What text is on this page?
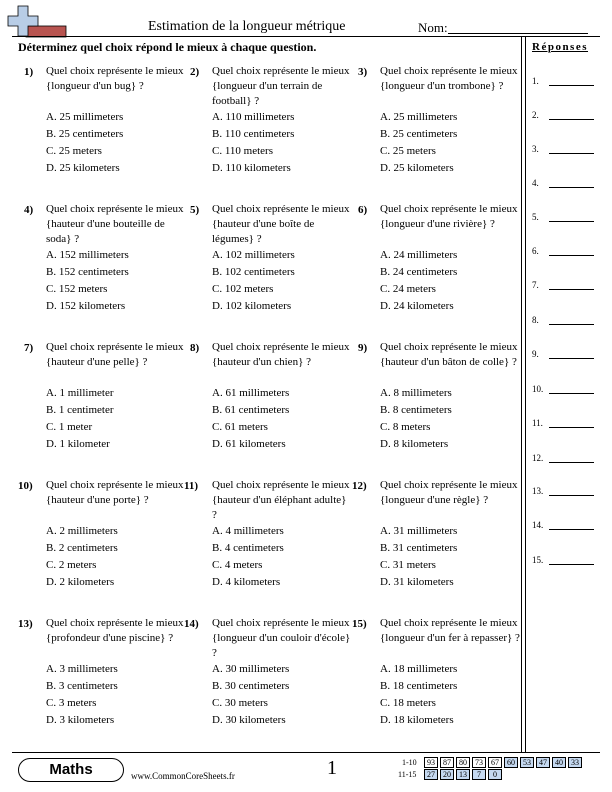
Estimation de la longueur métrique	Nom:
Déterminez quel choix répond le mieux à chaque question.	Réponses
1.
2.
3.
4.
5.
6.
7.
8.
9.
10.
11.
12.
13.
14.
15.
1) Quel choix représente le mieux {longueur d'un bug} ?
A. 25 millimeters
B. 25 centimeters
C. 25 meters
D. 25 kilometers
2) Quel choix représente le mieux {longueur d'un terrain de football} ?
A. 110 millimeters
B. 110 centimeters
C. 110 meters
D. 110 kilometers
3) Quel choix représente le mieux {longueur d'un trombone} ?
A. 25 millimeters
B. 25 centimeters
C. 25 meters
D. 25 kilometers
4) Quel choix représente le mieux {hauteur d'une bouteille de soda} ?
A. 152 millimeters
B. 152 centimeters
C. 152 meters
D. 152 kilometers
5) Quel choix représente le mieux {hauteur d'une boîte de légumes} ?
A. 102 millimeters
B. 102 centimeters
C. 102 meters
D. 102 kilometers
6) Quel choix représente le mieux {longueur d'une rivière} ?
A. 24 millimeters
B. 24 centimeters
C. 24 meters
D. 24 kilometers
7) Quel choix représente le mieux {hauteur d'une pelle} ?
A. 1 millimeter
B. 1 centimeter
C. 1 meter
D. 1 kilometer
8) Quel choix représente le mieux {hauteur d'un chien} ?
A. 61 millimeters
B. 61 centimeters
C. 61 meters
D. 61 kilometers
9) Quel choix représente le mieux {hauteur d'un bâton de colle} ?
A. 8 millimeters
B. 8 centimeters
C. 8 meters
D. 8 kilometers
10) Quel choix représente le mieux {hauteur d'une porte} ?
A. 2 millimeters
B. 2 centimeters
C. 2 meters
D. 2 kilometers
11) Quel choix représente le mieux {hauteur d'un éléphant adulte} ?
A. 4 millimeters
B. 4 centimeters
C. 4 meters
D. 4 kilometers
12) Quel choix représente le mieux {longueur d'une règle} ?
A. 31 millimeters
B. 31 centimeters
C. 31 meters
D. 31 kilometers
13) Quel choix représente le mieux {profondeur d'une piscine} ?
A. 3 millimeters
B. 3 centimeters
C. 3 meters
D. 3 kilometers
14) Quel choix représente le mieux {longueur d'un couloir d'école} ?
A. 30 millimeters
B. 30 centimeters
C. 30 meters
D. 30 kilometers
15) Quel choix représente le mieux {longueur d'un fer à repasser} ?
A. 18 millimeters
B. 18 centimeters
C. 18 meters
D. 18 kilometers
Maths	www.CommonCoreSheets.fr	1	1-10	93	87	80	73	67	60	53	47	40	33
11-15	27	20	13	7	0
